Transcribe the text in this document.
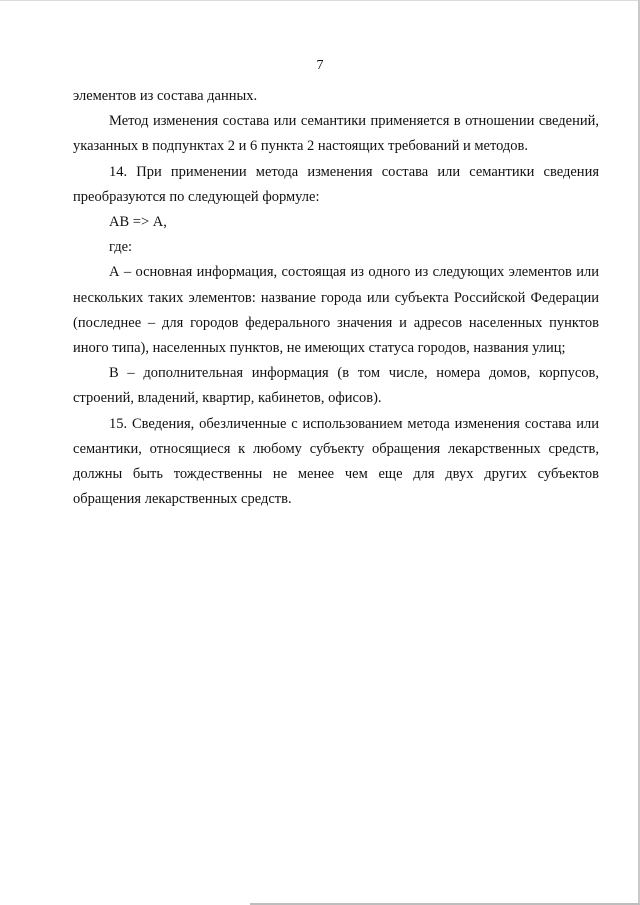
7

элементов из состава данных.

Метод изменения состава или семантики применяется в отношении сведений, указанных в подпунктах 2 и 6 пункта 2 настоящих требований и методов.

14. При применении метода изменения состава или семантики сведения преобразуются по следующей формуле:

АВ => А,

где:

А – основная информация, состоящая из одного из следующих элементов или нескольких таких элементов: название города или субъекта Российской Федерации (последнее – для городов федерального значения и адресов населенных пунктов иного типа), населенных пунктов, не имеющих статуса городов, названия улиц;

В – дополнительная информация (в том числе, номера домов, корпусов, строений, владений, квартир, кабинетов, офисов).

15. Сведения, обезличенные с использованием метода изменения состава или семантики, относящиеся к любому субъекту обращения лекарственных средств, должны быть тождественны не менее чем еще для двух других субъектов обращения лекарственных средств.
